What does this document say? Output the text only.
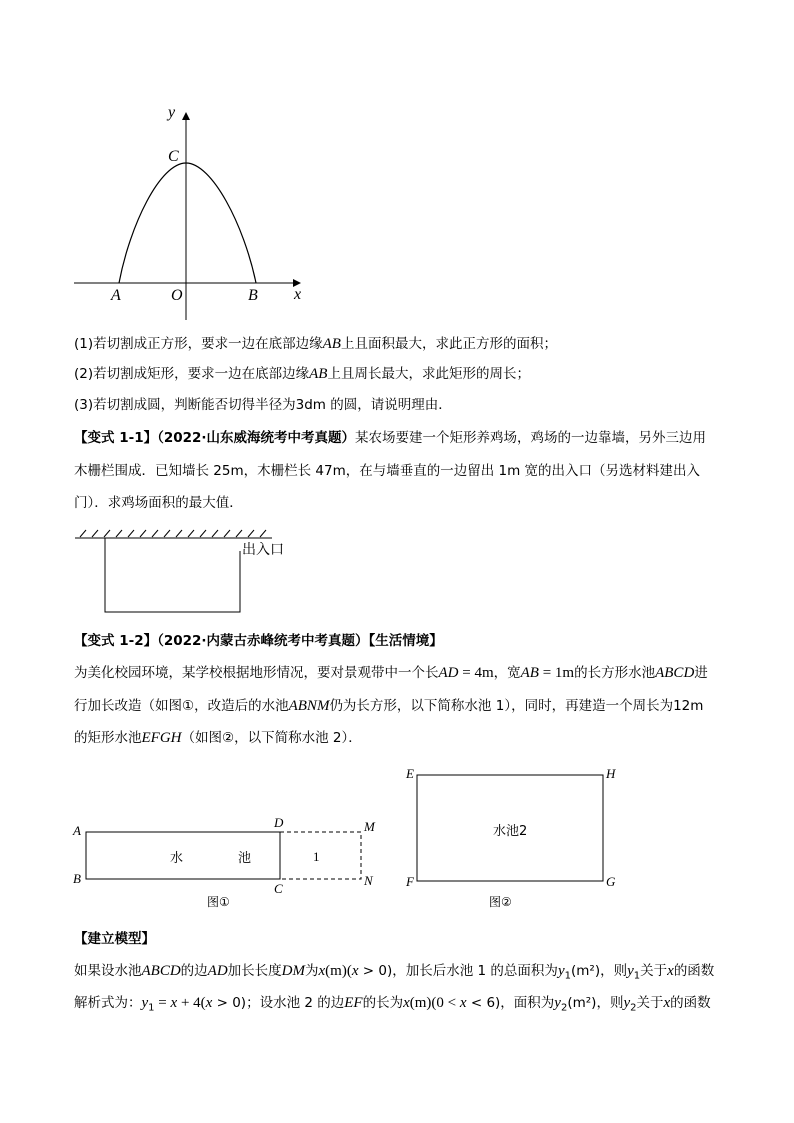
y
x
C
A	O	B
(1)若切割成正方形，要求一边在底部边缘AB上且面积最大，求此正方形的面积；
(2)若切割成矩形，要求一边在底部边缘AB上且周长最大，求此矩形的周长；
(3)若切割成圆，判断能否切得半径为3dm 的圆，请说明理由．
【变式 1-1】（2022·山东威海统考中考真题）某农场要建一个矩形养鸡场，鸡场的一边靠墙，另外三边用
木栅栏围成．已知墙长 25m，木栅栏长 47m，在与墙垂直的一边留出 1m 宽的出入口（另选材料建出入
门）．求鸡场面积的最大值．
出入口
【变式 1-2】（2022·内蒙古赤峰统考中考真题）【生活情境】
为美化校园环境，某学校根据地形情况，要对景观带中一个长AD = 4m，宽AB = 1m的长方形水池ABCD进
行加长改造（如图①，改造后的水池ABNM仍为长方形，以下简称水池 1），同时，再建造一个周长为12m
的矩形水池EFGH（如图②，以下简称水池 2）．
A
B
D
C
M
N
水	池	1
图①
E	H
F	G
水池2
图②
【建立模型】
如果设水池ABCD的边AD加长长度DM为x(m)(x > 0)，加长后水池 1 的总面积为$y_1(m^2)$，则$y_1$关于x的函数
解析式为：$y_1 = x + 4(x > 0)$；设水池 2 的边EF的长为x(m)(0 < x < 6)，面积为$y_2(m^2)$，则$y_2$关于x的函数
